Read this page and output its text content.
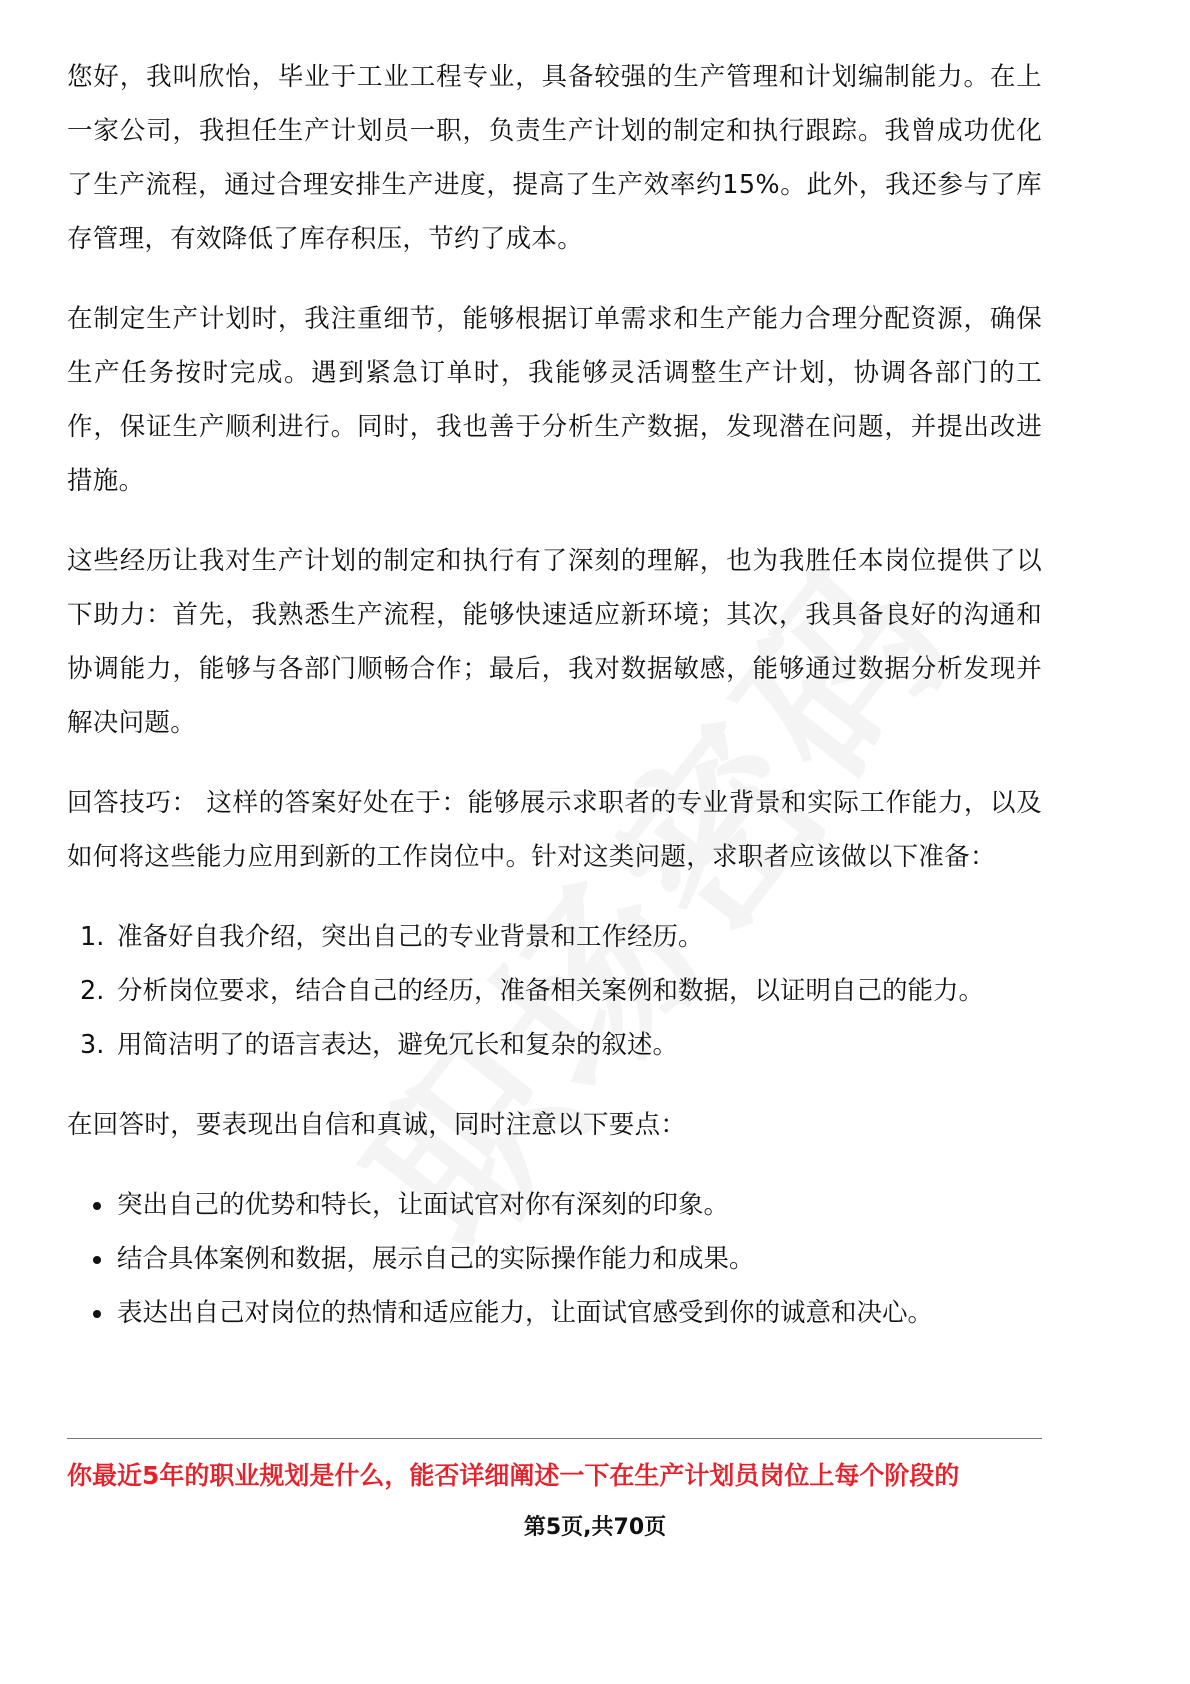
您好，我叫欣怡，毕业于工业工程专业，具备较强的生产管理和计划编制能力。在上一家公司，我担任生产计划员一职，负责生产计划的制定和执行跟踪。我曾成功优化了生产流程，通过合理安排生产进度，提高了生产效率约15%。此外，我还参与了库存管理，有效降低了库存积压，节约了成本。

在制定生产计划时，我注重细节，能够根据订单需求和生产能力合理分配资源，确保生产任务按时完成。遇到紧急订单时，我能够灵活调整生产计划，协调各部门的工作，保证生产顺利进行。同时，我也善于分析生产数据，发现潜在问题，并提出改进措施。

这些经历让我对生产计划的制定和执行有了深刻的理解，也为我胜任本岗位提供了以下助力：首先，我熟悉生产流程，能够快速适应新环境；其次，我具备良好的沟通和协调能力，能够与各部门顺畅合作；最后，我对数据敏感，能够通过数据分析发现并解决问题。

回答技巧： 这样的答案好处在于：能够展示求职者的专业背景和实际工作能力，以及如何将这些能力应用到新的工作岗位中。针对这类问题，求职者应该做以下准备：

1. 准备好自我介绍，突出自己的专业背景和工作经历。
2. 分析岗位要求，结合自己的经历，准备相关案例和数据，以证明自己的能力。
3. 用简洁明了的语言表达，避免冗长和复杂的叙述。

在回答时，要表现出自信和真诚，同时注意以下要点：

突出自己的优势和特长，让面试官对你有深刻的印象。
结合具体案例和数据，展示自己的实际操作能力和成果。
表达出自己对岗位的热情和适应能力，让面试官感受到你的诚意和决心。
你最近5年的职业规划是什么，能否详细阐述一下在生产计划员岗位上每个阶段的
第5页,共70页
